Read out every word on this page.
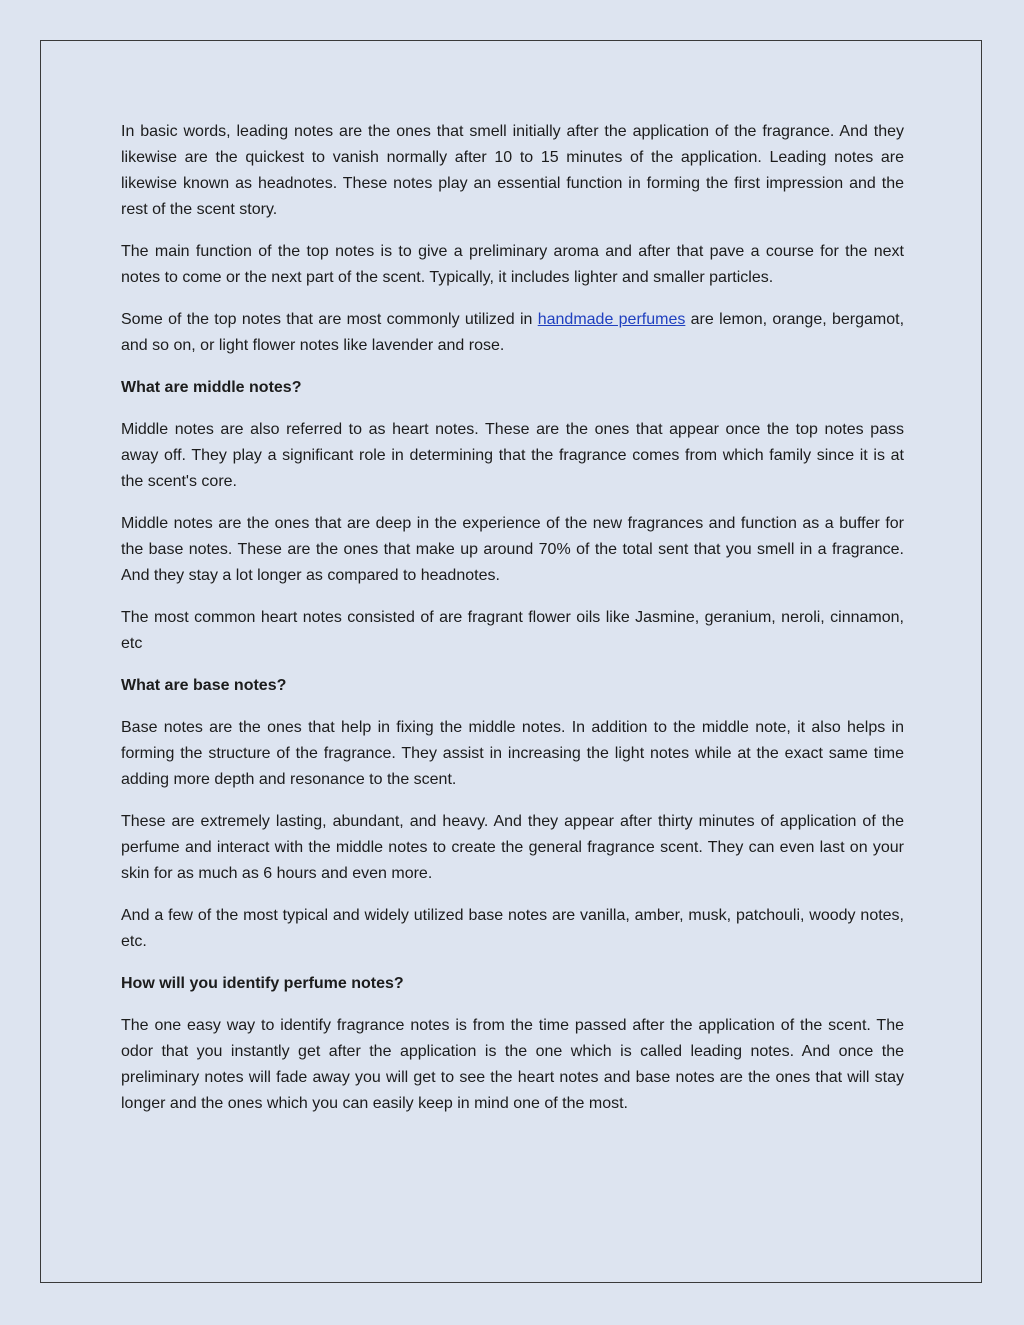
In basic words, leading notes are the ones that smell initially after the application of the fragrance. And they likewise are the quickest to vanish normally after 10 to 15 minutes of the application. Leading notes are likewise known as headnotes. These notes play an essential function in forming the first impression and the rest of the scent story.

The main function of the top notes is to give a preliminary aroma and after that pave a course for the next notes to come or the next part of the scent. Typically, it includes lighter and smaller particles.

Some of the top notes that are most commonly utilized in handmade perfumes are lemon, orange, bergamot, and so on, or light flower notes like lavender and rose.

What are middle notes?

Middle notes are also referred to as heart notes. These are the ones that appear once the top notes pass away off. They play a significant role in determining that the fragrance comes from which family since it is at the scent's core.

Middle notes are the ones that are deep in the experience of the new fragrances and function as a buffer for the base notes. These are the ones that make up around 70% of the total sent that you smell in a fragrance. And they stay a lot longer as compared to headnotes.

The most common heart notes consisted of are fragrant flower oils like Jasmine, geranium, neroli, cinnamon, etc

What are base notes?

Base notes are the ones that help in fixing the middle notes. In addition to the middle note, it also helps in forming the structure of the fragrance. They assist in increasing the light notes while at the exact same time adding more depth and resonance to the scent.

These are extremely lasting, abundant, and heavy. And they appear after thirty minutes of application of the perfume and interact with the middle notes to create the general fragrance scent. They can even last on your skin for as much as 6 hours and even more.

And a few of the most typical and widely utilized base notes are vanilla, amber, musk, patchouli, woody notes, etc.

How will you identify perfume notes?

The one easy way to identify fragrance notes is from the time passed after the application of the scent. The odor that you instantly get after the application is the one which is called leading notes. And once the preliminary notes will fade away you will get to see the heart notes and base notes are the ones that will stay longer and the ones which you can easily keep in mind one of the most.
